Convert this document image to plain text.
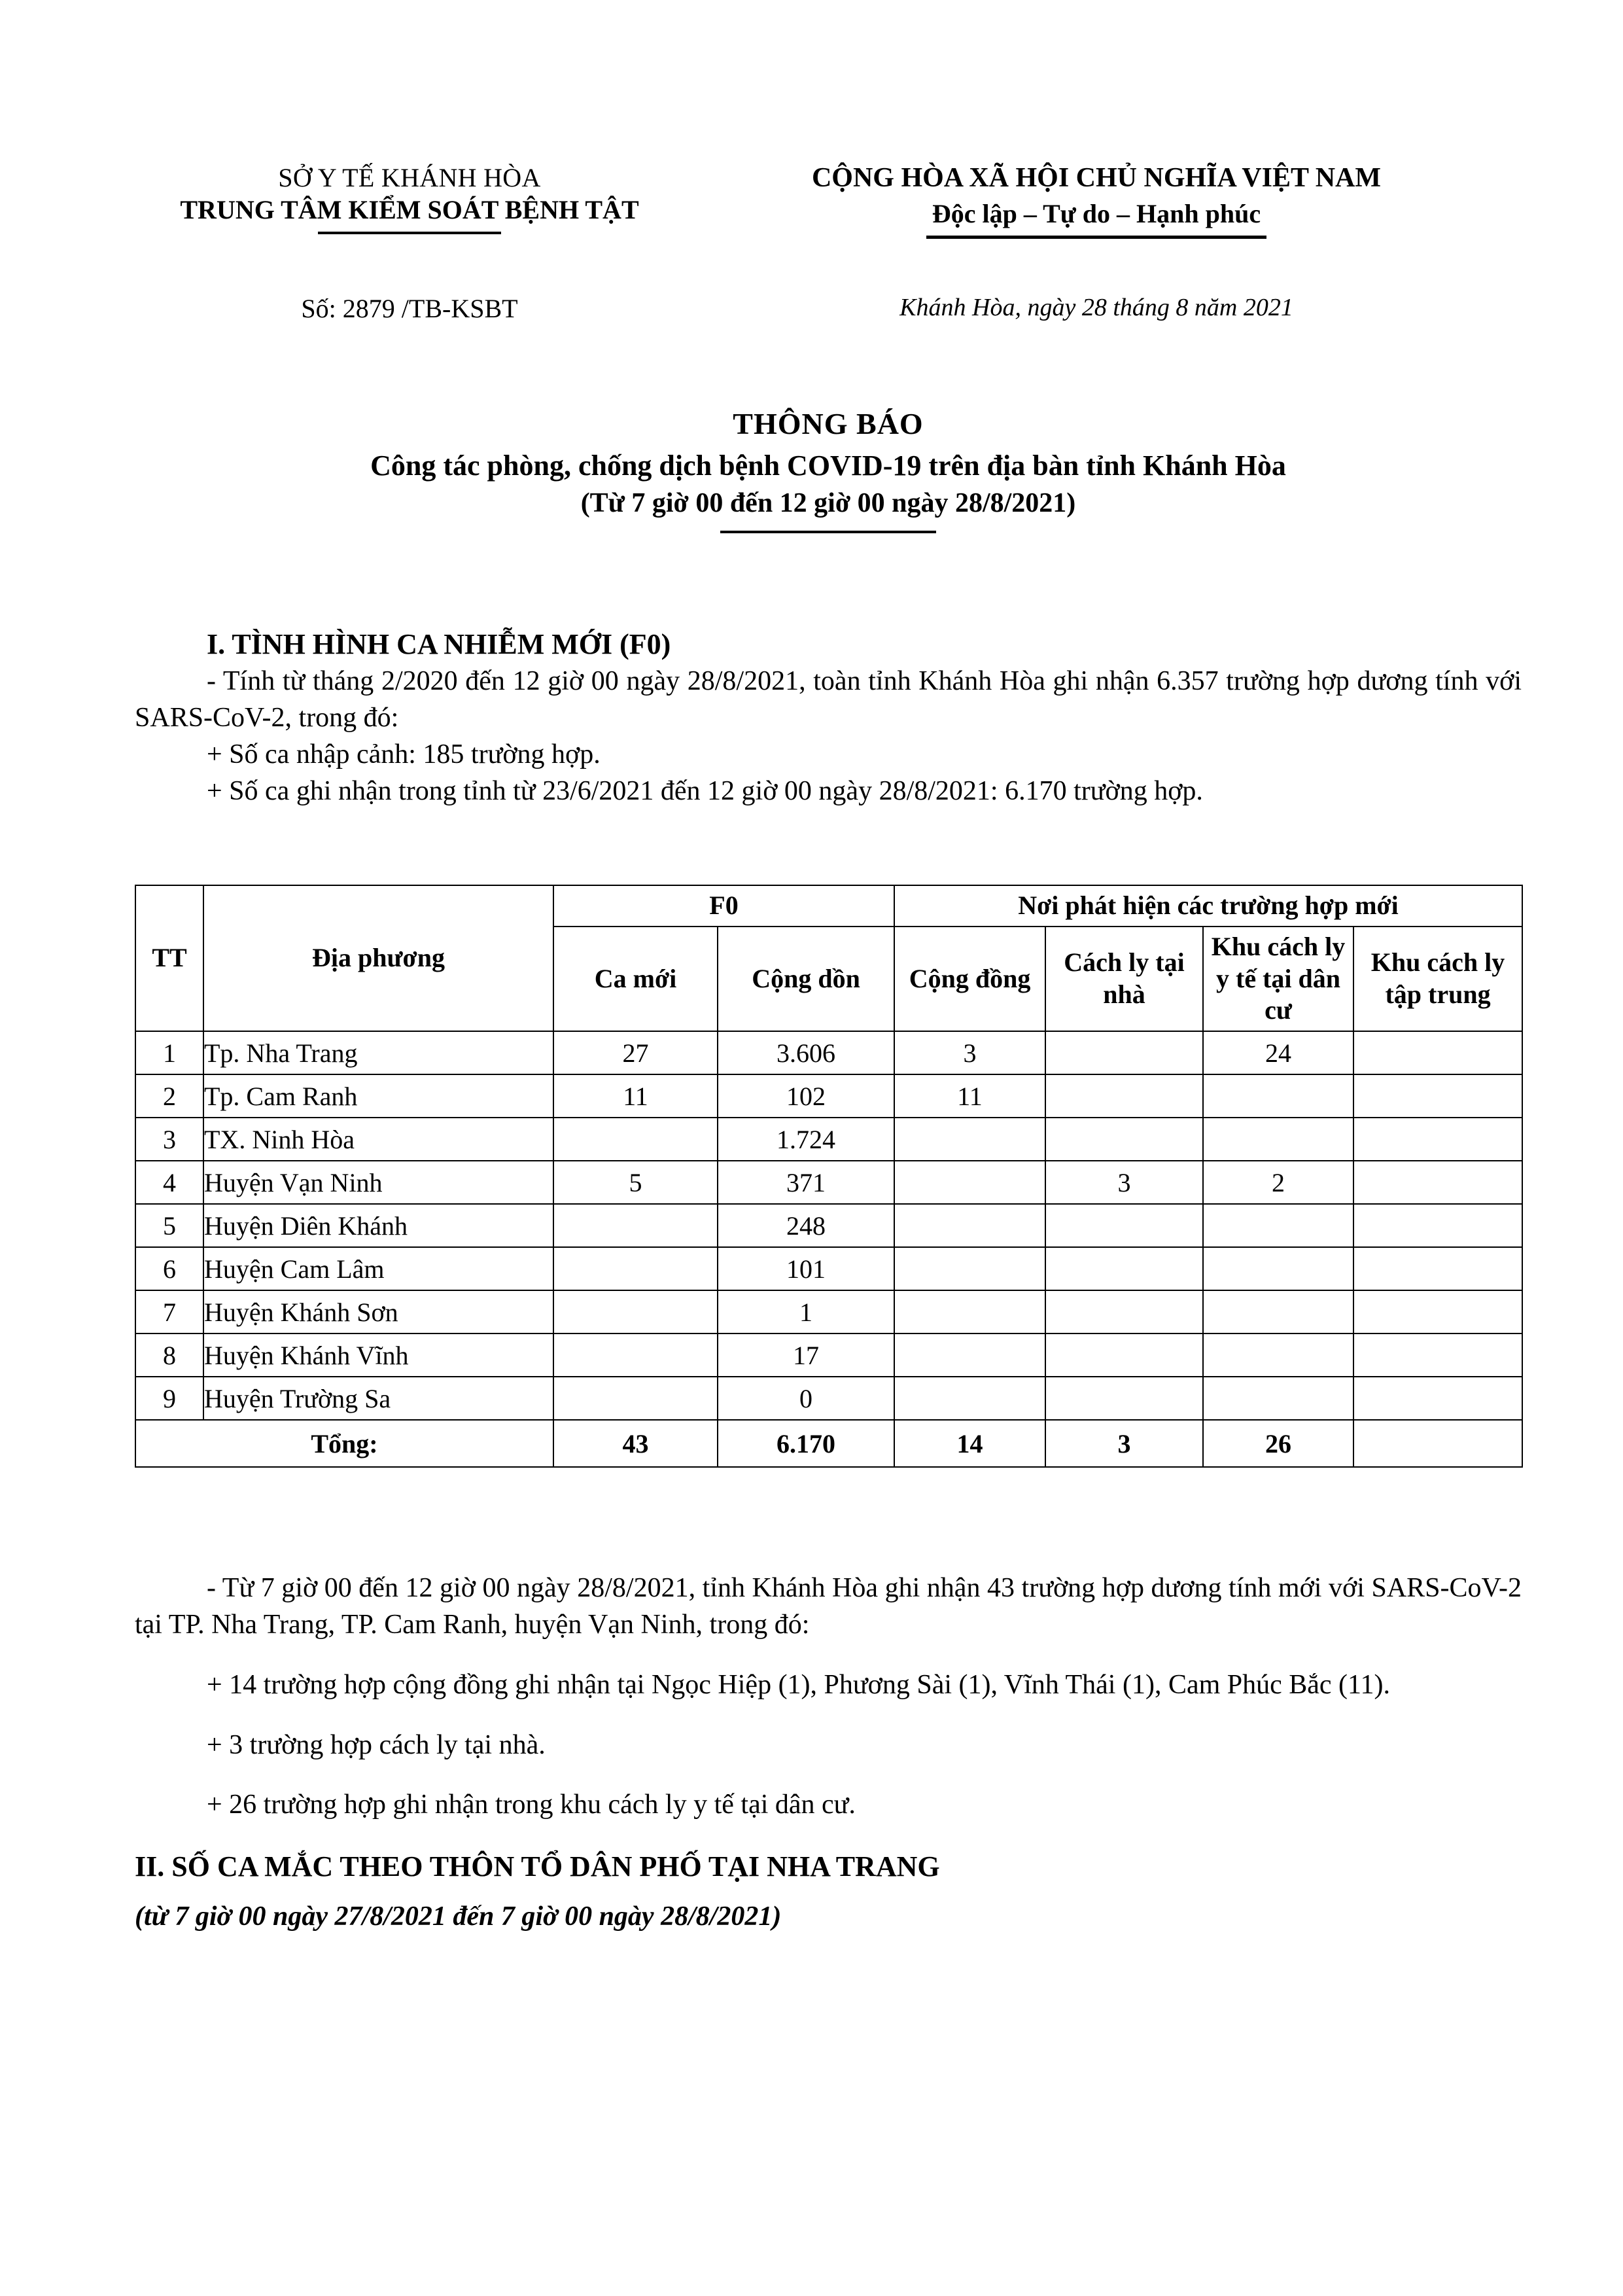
SỞ Y TẾ KHÁNH HÒA
TRUNG TÂM KIỂM SOÁT BỆNH TẬT
CỘNG HÒA XÃ HỘI CHỦ NGHĨA VIỆT NAM
Độc lập – Tự do – Hạnh phúc
Số: 2879 /TB-KSBT	Khánh Hòa, ngày 28 tháng 8 năm 2021
THÔNG BÁO
Công tác phòng, chống dịch bệnh COVID-19 trên địa bàn tỉnh Khánh Hòa
(Từ 7 giờ 00 đến 12 giờ 00 ngày 28/8/2021)
I. TÌNH HÌNH CA NHIỄM MỚI (F0)

- Tính từ tháng 2/2020 đến 12 giờ 00 ngày 28/8/2021, toàn tỉnh Khánh Hòa ghi nhận 6.357 trường hợp dương tính với SARS-CoV-2, trong đó:

+ Số ca nhập cảnh: 185 trường hợp.

+ Số ca ghi nhận trong tỉnh từ 23/6/2021 đến 12 giờ 00 ngày 28/8/2021: 6.170 trường hợp.

TT	Địa phương	F0		Nơi phát hiện các trường hợp mới			
		Ca mới	Cộng dồn	Cộng đồng	Cách ly tại nhà	Khu cách ly y tế tại dân cư	Khu cách ly tập trung
1	Tp. Nha Trang	27	3.606	3		24	
2	Tp. Cam Ranh	11	102	11			
3	TX. Ninh Hòa		1.724				
4	Huyện Vạn Ninh	5	371		3	2	
5	Huyện Diên Khánh		248				
6	Huyện Cam Lâm		101				
7	Huyện Khánh Sơn		1				
8	Huyện Khánh Vĩnh		17				
9	Huyện Trường Sa		0				
Tổng:		43	6.170	14	3	26	

- Từ 7 giờ 00 đến 12 giờ 00 ngày 28/8/2021, tỉnh Khánh Hòa ghi nhận 43 trường hợp dương tính mới với SARS-CoV-2 tại TP. Nha Trang, TP. Cam Ranh, huyện Vạn Ninh, trong đó:

+ 14 trường hợp cộng đồng ghi nhận tại Ngọc Hiệp (1), Phương Sài (1), Vĩnh Thái (1), Cam Phúc Bắc (11).

+ 3 trường hợp cách ly tại nhà.

+ 26 trường hợp ghi nhận trong khu cách ly y tế tại dân cư.

II. SỐ CA MẮC THEO THÔN TỔ DÂN PHỐ TẠI NHA TRANG
(từ 7 giờ 00 ngày 27/8/2021 đến 7 giờ 00 ngày 28/8/2021)
